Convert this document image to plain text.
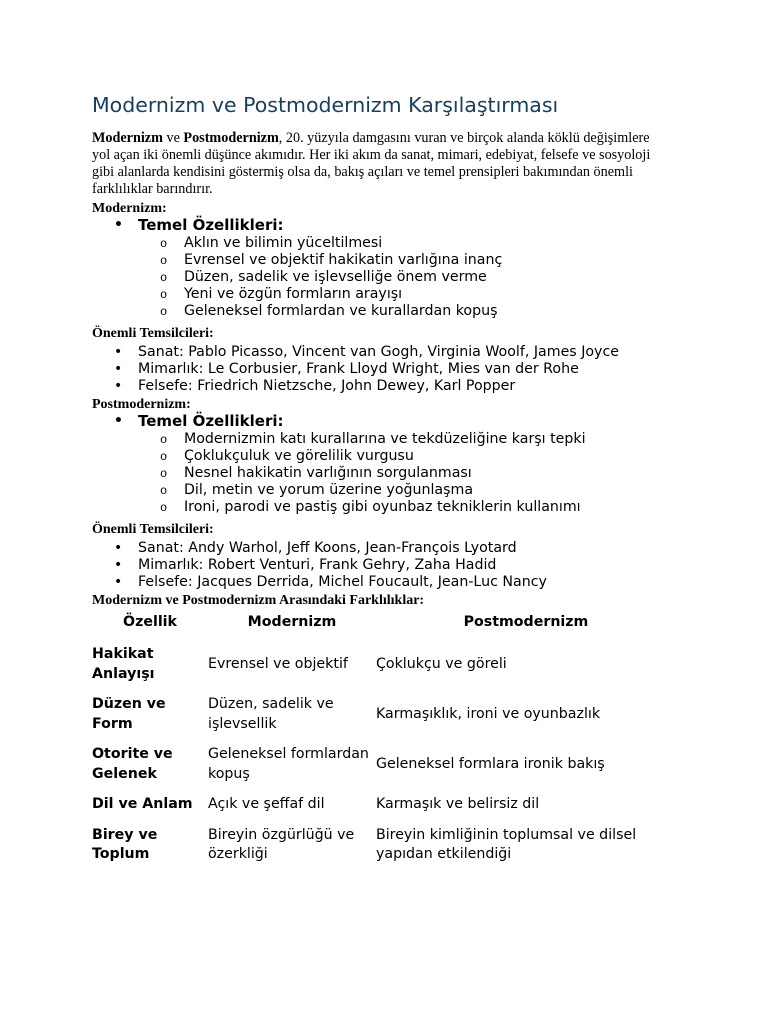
Modernizm ve Postmodernizm Karşılaştırması

Modernizm ve Postmodernizm, 20. yüzyıla damgasını vuran ve birçok alanda köklü değişimlere yol açan iki önemli düşünce akımıdır. Her iki akım da sanat, mimari, edebiyat, felsefe ve sosyoloji gibi alanlarda kendisini göstermiş olsa da, bakış açıları ve temel prensipleri bakımından önemli farklılıklar barındırır.

Modernizm:
• Temel Özellikleri:
o Aklın ve bilimin yüceltilmesi
o Evrensel ve objektif hakikatin varlığına inanç
o Düzen, sadelik ve işlevselliğe önem verme
o Yeni ve özgün formların arayışı
o Geleneksel formlardan ve kurallardan kopuş
Önemli Temsilcileri:
• Sanat: Pablo Picasso, Vincent van Gogh, Virginia Woolf, James Joyce
• Mimarlık: Le Corbusier, Frank Lloyd Wright, Mies van der Rohe
• Felsefe: Friedrich Nietzsche, John Dewey, Karl Popper
Postmodernizm:
• Temel Özellikleri:
o Modernizmin katı kurallarına ve tekdüzeliğine karşı tepki
o Çoklukçuluk ve görelilik vurgusu
o Nesnel hakikatin varlığının sorgulanması
o Dil, metin ve yorum üzerine yoğunlaşma
o Ironi, parodi ve pastiş gibi oyunbaz tekniklerin kullanımı
Önemli Temsilcileri:
• Sanat: Andy Warhol, Jeff Koons, Jean-François Lyotard
• Mimarlık: Robert Venturi, Frank Gehry, Zaha Hadid
• Felsefe: Jacques Derrida, Michel Foucault, Jean-Luc Nancy
Modernizm ve Postmodernizm Arasındaki Farklılıklar:
Özellik	Modernizm	Postmodernizm
Hakikat Anlayışı	Evrensel ve objektif	Çoklukçu ve göreli
Düzen ve Form	Düzen, sadelik ve işlevsellik	Karmaşıklık, ironi ve oyunbazlık
Otorite ve Gelenek	Geleneksel formlardan kopuş	Geleneksel formlara ironik bakış
Dil ve Anlam	Açık ve şeffaf dil	Karmaşık ve belirsiz dil
Birey ve Toplum	Bireyin özgürlüğü ve özerkliği	Bireyin kimliğinin toplumsal ve dilsel yapıdan etkilendiği
